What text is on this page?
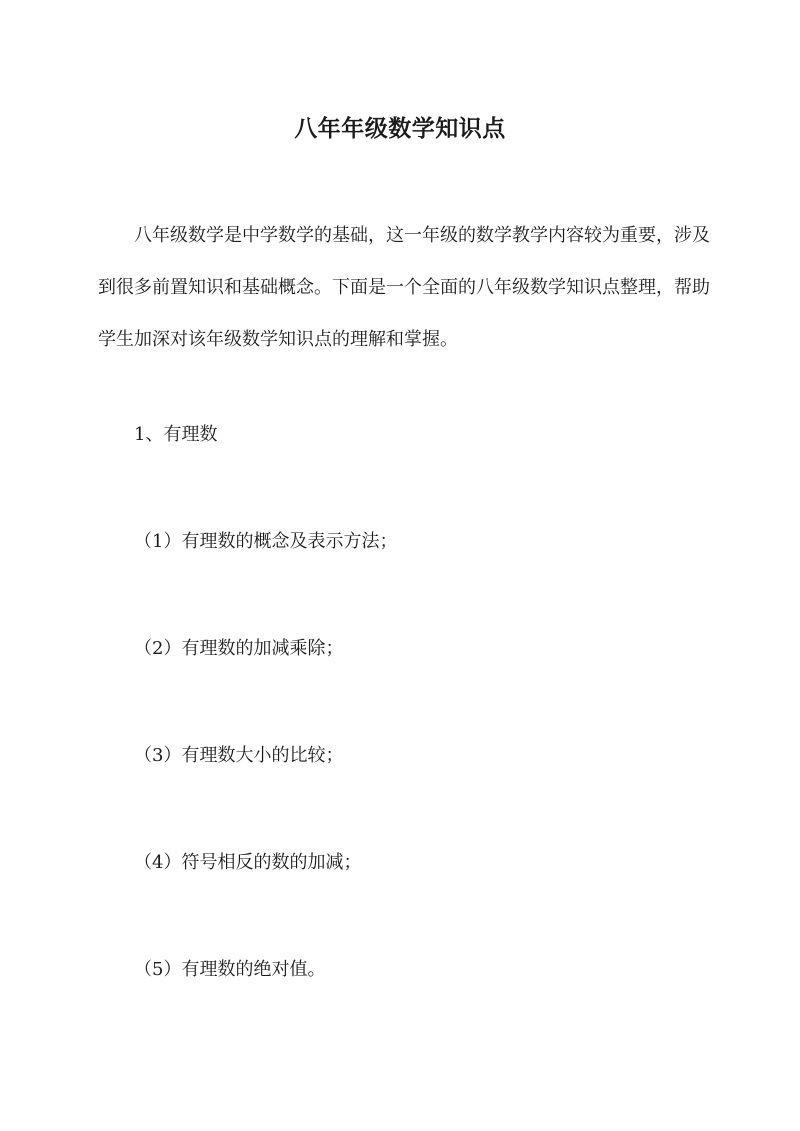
八年年级数学知识点

八年级数学是中学数学的基础，这一年级的数学教学内容较为重要，涉及到很多前置知识和基础概念。下面是一个全面的八年级数学知识点整理，帮助学生加深对该年级数学知识点的理解和掌握。

1、有理数

（1）有理数的概念及表示方法；

（2）有理数的加减乘除；

（3）有理数大小的比较；

（4）符号相反的数的加减；

（5）有理数的绝对值。
